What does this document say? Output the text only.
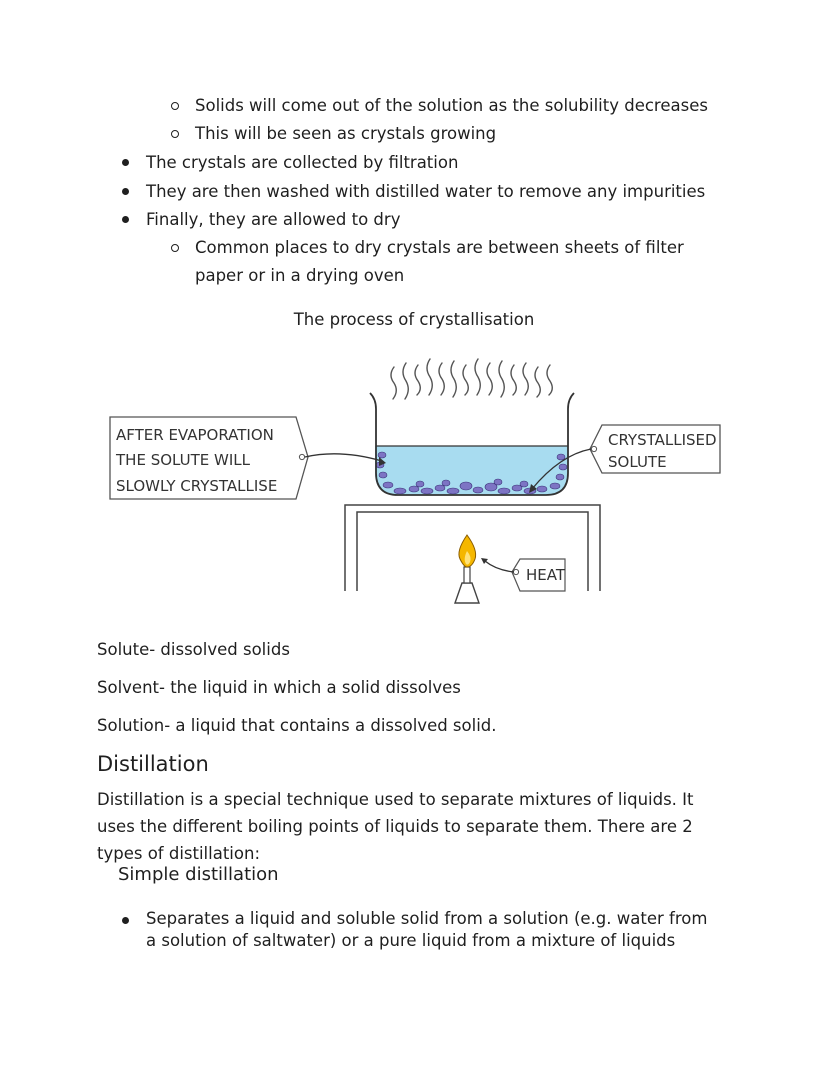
Solids will come out of the solution as the solubility decreases
This will be seen as crystals growing
The crystals are collected by filtration
They are then washed with distilled water to remove any impurities
Finally, they are allowed to dry
Common places to dry crystals are between sheets of filter
paper or in a drying oven
The process of crystallisation
HEAT
AFTER EVAPORATION
THE SOLUTE WILL
SLOWLY CRYSTALLISE
CRYSTALLISED
SOLUTE
Solute- dissolved solids
Solvent- the liquid in which a solid dissolves
Solution- a liquid that contains a dissolved solid.
Distillation
Distillation is a special technique used to separate mixtures of liquids. It
uses the different boiling points of liquids to separate them. There are 2
types of distillation:
Simple distillation
Separates a liquid and soluble solid from a solution (e.g. water from
a solution of saltwater) or a pure liquid from a mixture of liquids
